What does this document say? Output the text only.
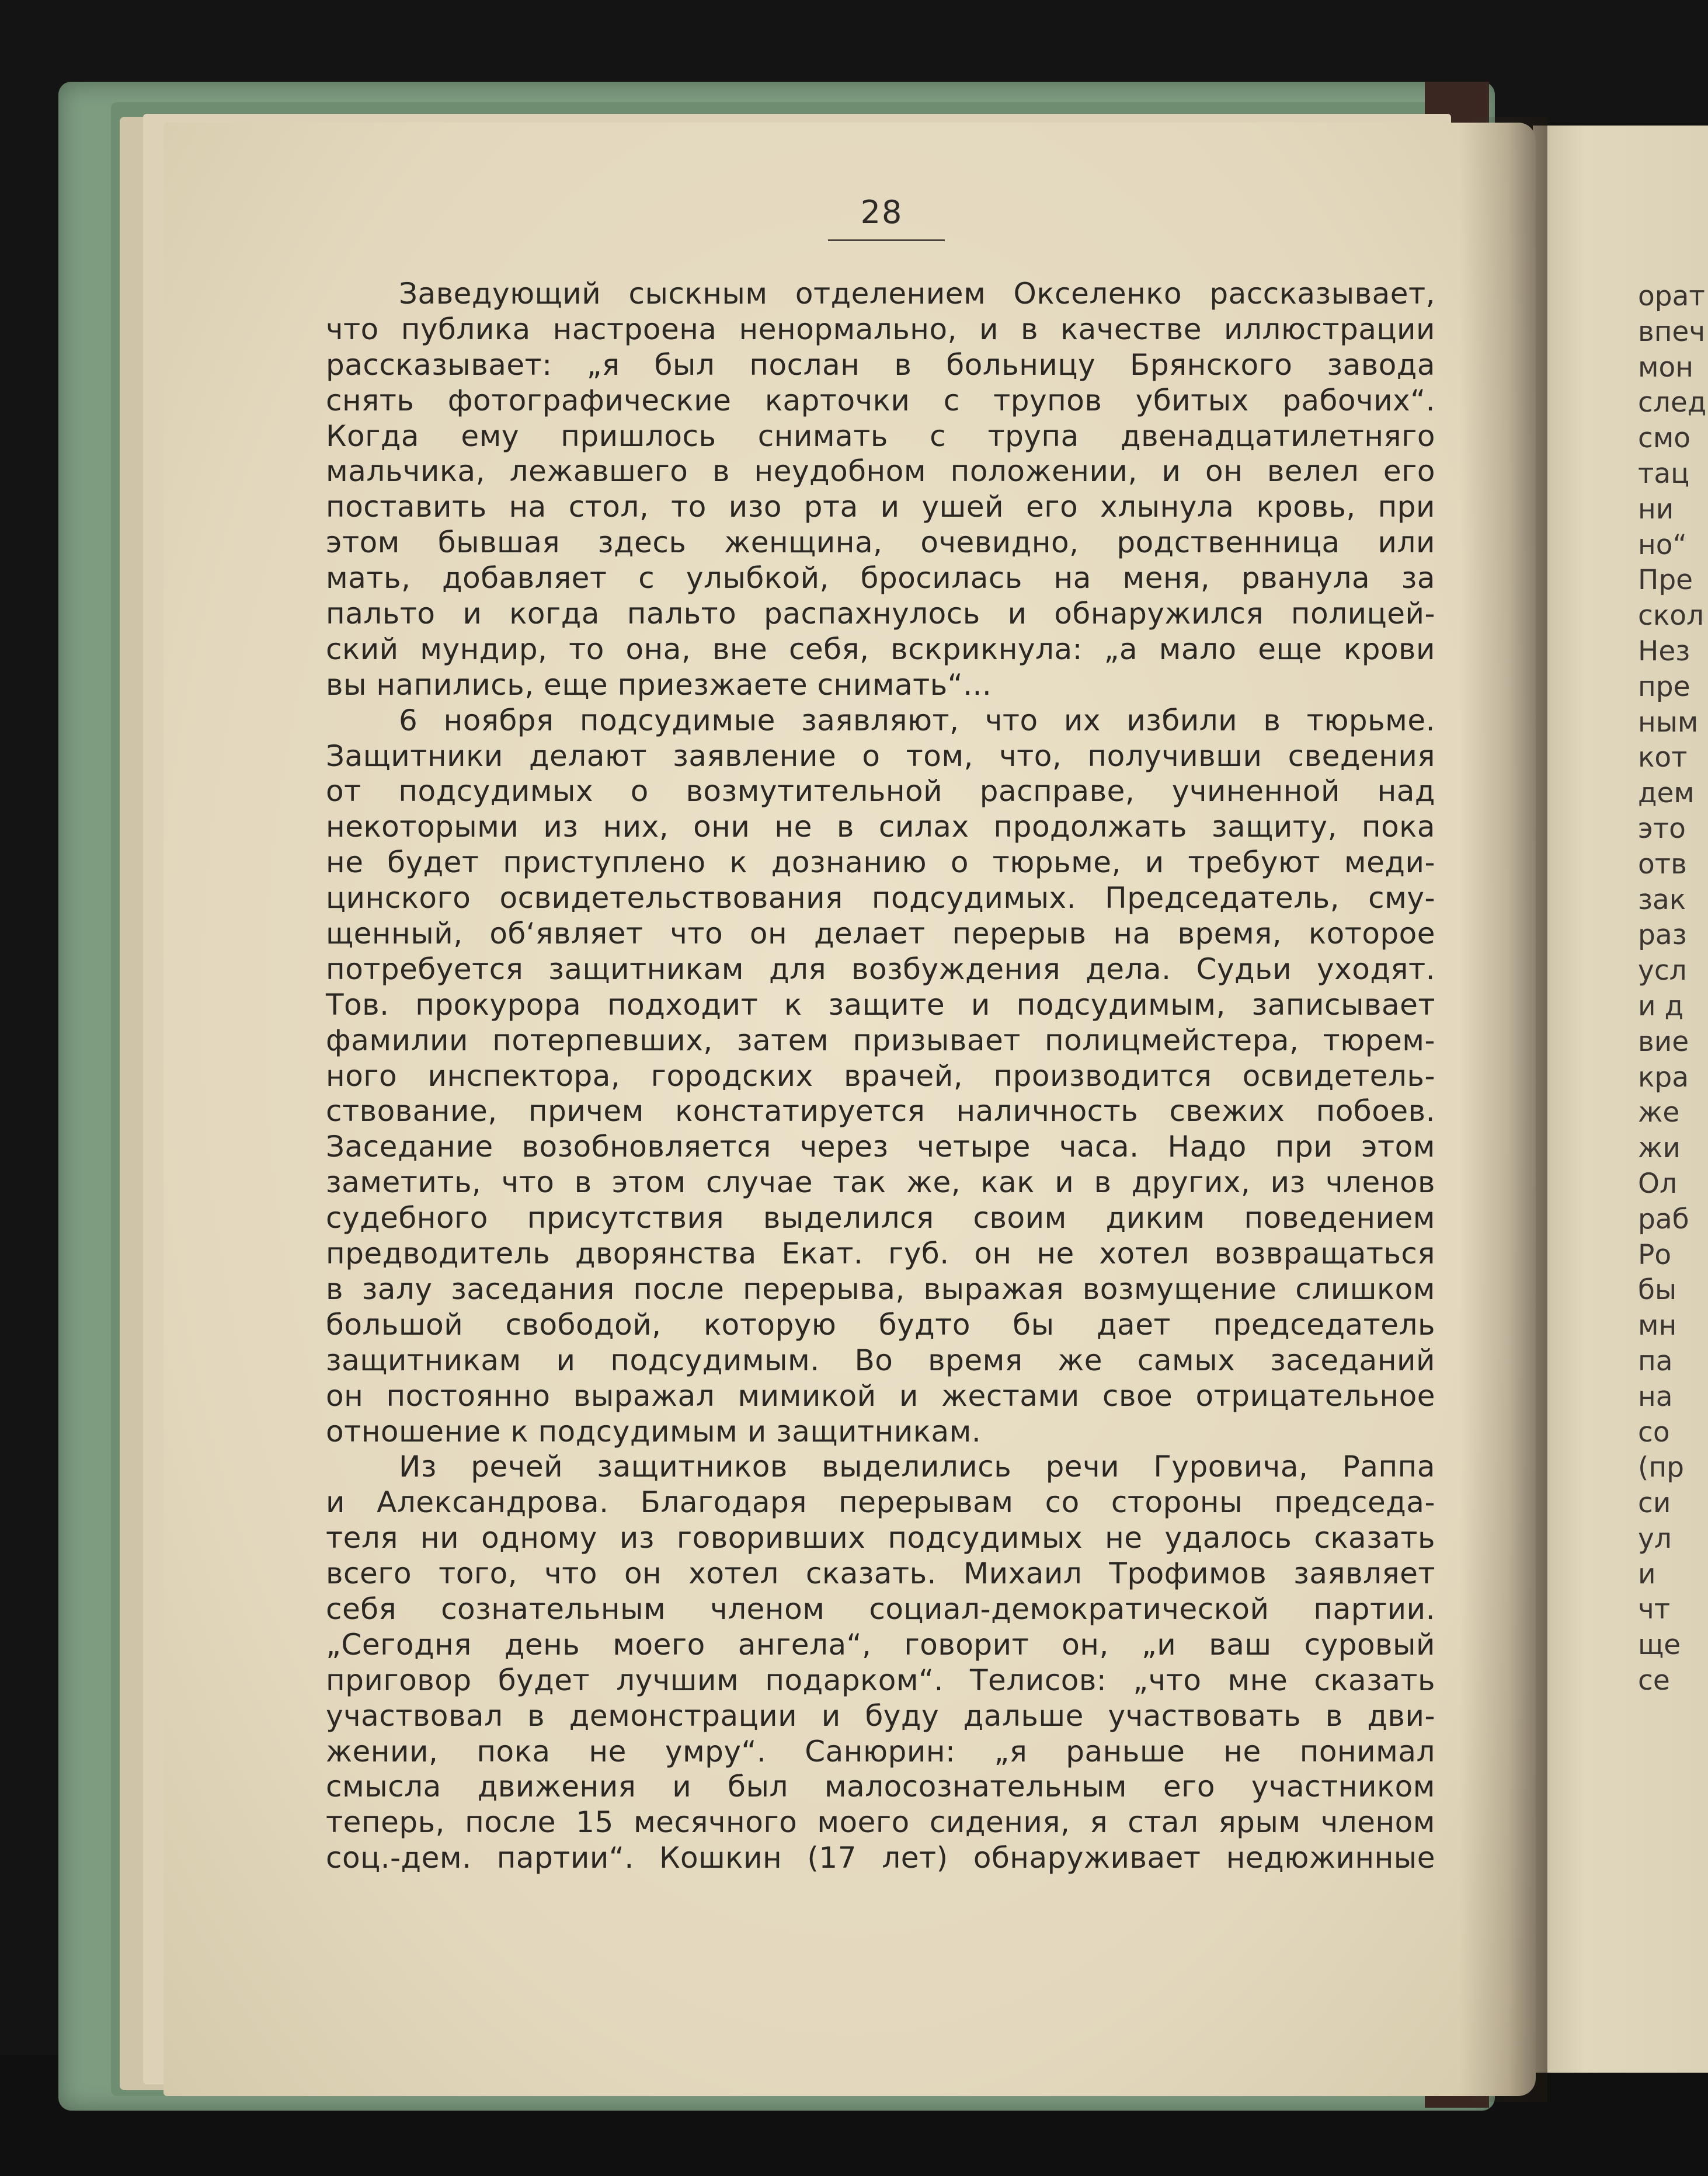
орат
впеч
мон
след
смо
тац
ни
но“
Пре
скол
Нез
пре
ным
кот
дем
это
отв
зак
раз
усл
и д
вие
кра
же
жи
Ол
раб
Ро
бы
мн
па
на
со
(пр
си
ул
и
чт
ще
се
28
Заведующий сыскным отделением Окселенко рассказывает,
что публика настроена ненормально, и в качестве иллюстрации
рассказывает: „я был послан в больницу Брянского завода
снять фотографические карточки с трупов убитых рабочих“.
Когда ему пришлось снимать с трупа двенадцатилетняго
мальчика, лежавшего в неудобном положении, и он велел его
поставить на стол, то изо рта и ушей его хлынула кровь, при
этом бывшая здесь женщина, очевидно, родственница или
мать, добавляет с улыбкой, бросилась на меня, рванула за
пальто и когда пальто распахнулось и обнаружился полицей-
ский мундир, то она, вне себя, вскрикнула: „а мало еще крови
вы напились, еще приезжаете снимать“...
6 ноября подсудимые заявляют, что их избили в тюрьме.
Защитники делают заявление о том, что, получивши сведения
от подсудимых о возмутительной расправе, учиненной над
некоторыми из них, они не в силах продолжать защиту, пока
не будет приступлено к дознанию о тюрьме, и требуют меди-
цинского освидетельствования подсудимых. Председатель, сму-
щенный, об‘являет что он делает перерыв на время, которое
потребуется защитникам для возбуждения дела. Судьи уходят.
Тов. прокурора подходит к защите и подсудимым, записывает
фамилии потерпевших, затем призывает полицмейстера, тюрем-
ного инспектора, городских врачей, производится освидетель-
ствование, причем констатируется наличность свежих побоев.
Заседание возобновляется через четыре часа. Надо при этом
заметить, что в этом случае так же, как и в других, из членов
судебного присутствия выделился своим диким поведением
предводитель дворянства Екат. губ. он не хотел возвращаться
в залу заседания после перерыва, выражая возмущение слишком
большой свободой, которую будто бы дает председатель
защитникам и подсудимым. Во время же самых заседаний
он постоянно выражал мимикой и жестами свое отрицательное
отношение к подсудимым и защитникам.
Из речей защитников выделились речи Гуровича, Раппа
и Александрова. Благодаря перерывам со стороны председа-
теля ни одному из говоривших подсудимых не удалось сказать
всего того, что он хотел сказать. Михаил Трофимов заявляет
себя сознательным членом социал-демократической партии.
„Сегодня день моего ангела“, говорит он, „и ваш суровый
приговор будет лучшим подарком“. Телисов: „что мне сказать
участвовал в демонстрации и буду дальше участвовать в дви-
жении, пока не умру“. Санюрин: „я раньше не понимал
смысла движения и был малосознательным его участником
теперь, после 15 месячного моего сидения, я стал ярым членом
соц.-дем. партии“. Кошкин (17 лет) обнаруживает недюжинные
